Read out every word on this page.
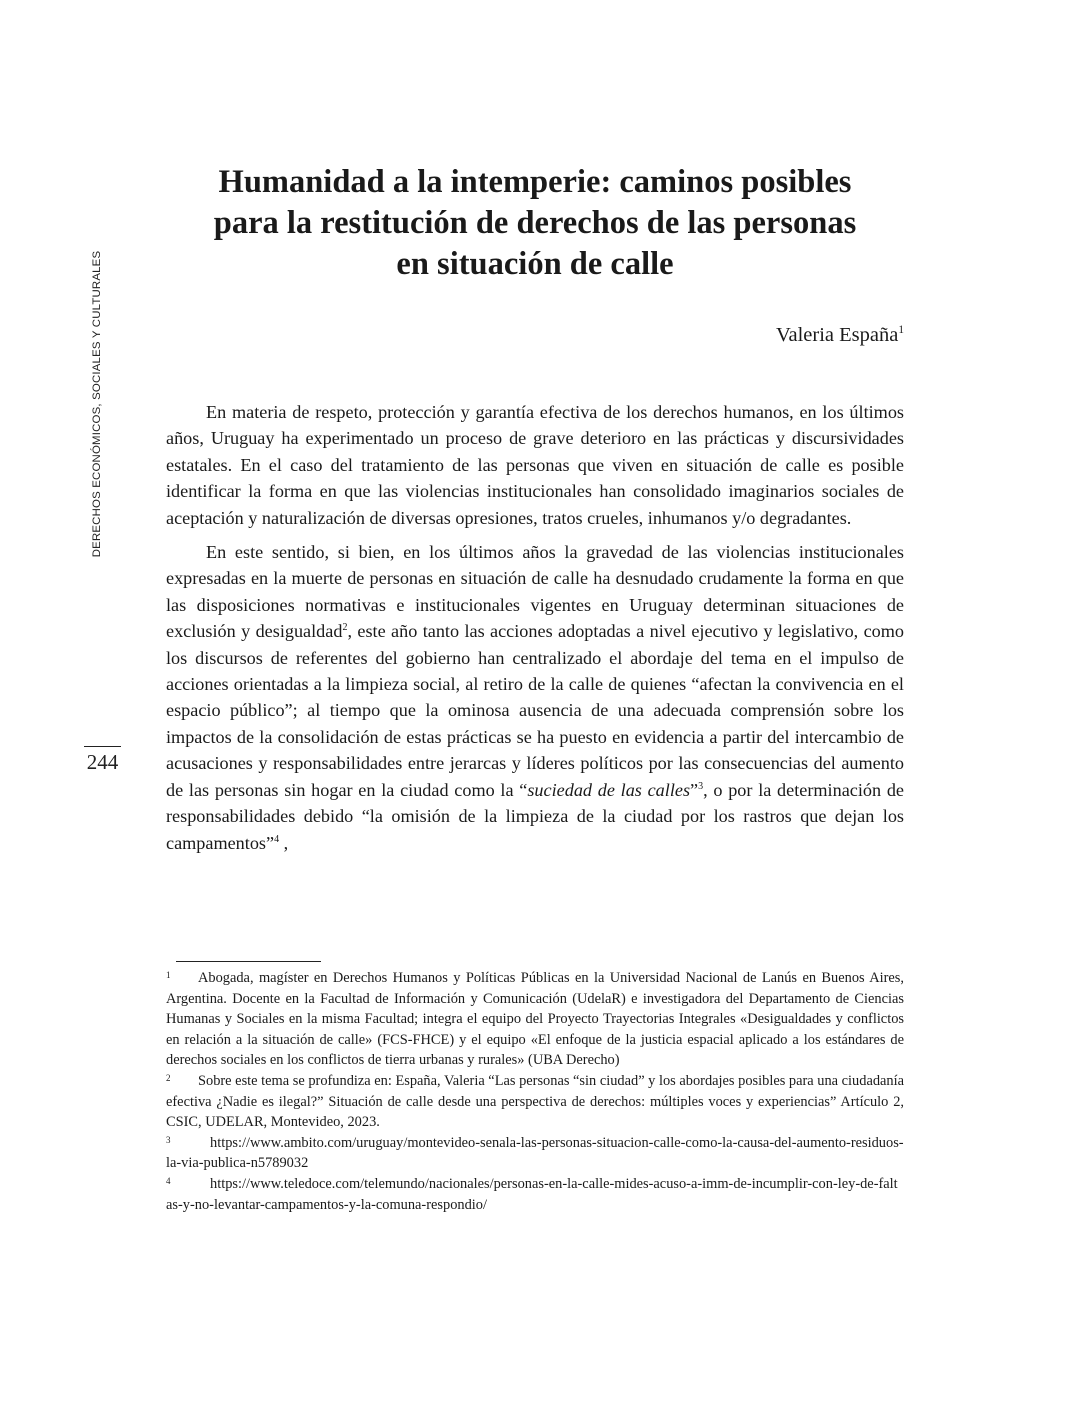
DERECHOS ECONÓMICOS, SOCIALES Y CULTURALES
244
Humanidad a la intemperie: caminos posibles
para la restitución de derechos de las personas
en situación de calle
Valeria España$^1$

En materia de respeto, protección y garantía efectiva de los derechos humanos, en los últimos años, Uruguay ha experimentado un proceso de grave deterioro en las prácticas y discursividades estatales. En el caso del tratamiento de las personas que viven en situación de calle es posible identificar la forma en que las violencias institucionales han consolidado imaginarios sociales de aceptación y naturalización de diversas opresiones, tratos crueles, inhumanos y/o degradantes.

En este sentido, si bien, en los últimos años la gravedad de las violencias institucionales expresadas en la muerte de personas en situación de calle ha desnudado crudamente la forma en que las disposiciones normativas e institucionales vigentes en Uruguay determinan situaciones de exclusión y desigualdad$^2$, este año tanto las acciones adoptadas a nivel ejecutivo y legislativo, como los discursos de referentes del gobierno han centralizado el abordaje del tema en el impulso de acciones orientadas a la limpieza social, al retiro de la calle de quienes “afectan la convivencia en el espacio público”; al tiempo que la ominosa ausencia de una adecuada comprensión sobre los impactos de la consolidación de estas prácticas se ha puesto en evidencia a partir del intercambio de acusaciones y responsabilidades entre jerarcas y líderes políticos por las consecuencias del aumento de las personas sin hogar en la ciudad como la “suciedad de las calles”$^3$, o por la determinación de responsabilidades debido “la omisión de la limpieza de la ciudad por los rastros que dejan los campamentos”$^4$ ,

1 Abogada, magíster en Derechos Humanos y Políticas Públicas en la Universidad Nacional de Lanús en Buenos Aires, Argentina. Docente en la Facultad de Información y Comunicación (UdelaR) e investigadora del Departamento de Ciencias Humanas y Sociales en la misma Facultad; integra el equipo del Proyecto Trayectorias Integrales «Desigualdades y conflictos en relación a la situación de calle» (FCS-FHCE) y el equipo «El enfoque de la justicia espacial aplicado a los estándares de derechos sociales en los conflictos de tierra urbanas y rurales» (UBA Derecho)

2 Sobre este tema se profundiza en: España, Valeria “Las personas “sin ciudad” y los abordajes posibles para una ciudadanía efectiva ¿Nadie es ilegal?” Situación de calle desde una perspectiva de derechos: múltiples voces y experiencias” Artículo 2, CSIC, UDELAR, Montevideo, 2023.

3	https://www.ambito.com/uruguay/montevideo-senala-las-personas-situacion-calle-como-la-causa-del-aumento-residuos-la-via-publica-n5789032

4	https://www.teledoce.com/telemundo/nacionales/personas-en-la-calle-mides-acuso-a-imm-de-incumplir-con-ley-de-faltas-y-no-levantar-campamentos-y-la-comuna-respondio/
